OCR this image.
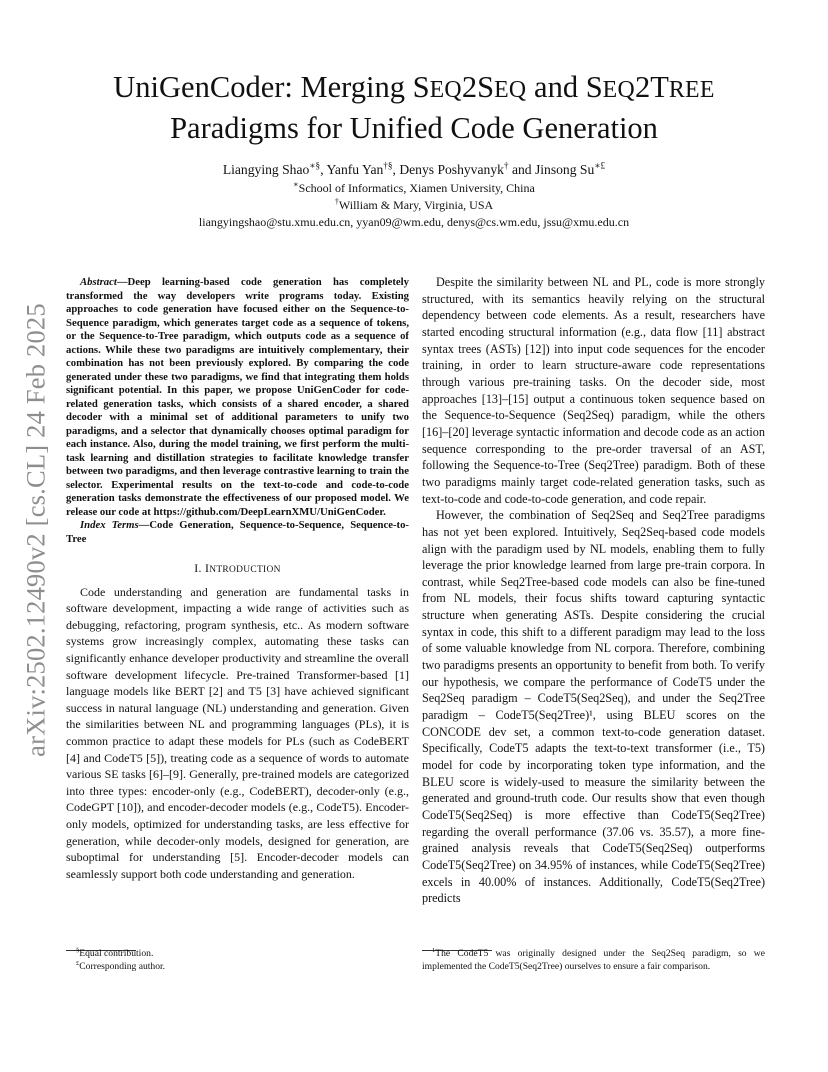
arXiv:2502.12490v2 [cs.CL] 24 Feb 2025
UniGenCoder: Merging SEQ2SEQ and SEQ2TREE
Paradigms for Unified Code Generation
Liangying Shao∗§, Yanfu Yan†§, Denys Poshyvanyk† and Jinsong Su∗£
∗School of Informatics, Xiamen University, China
†William & Mary, Virginia, USA
liangyingshao@stu.xmu.edu.cn, yyan09@wm.edu, denys@cs.wm.edu, jssu@xmu.edu.cn

Abstract—Deep learning-based code generation has completely transformed the way developers write programs today. Existing approaches to code generation have focused either on the Sequence-to-Sequence paradigm, which generates target code as a sequence of tokens, or the Sequence-to-Tree paradigm, which outputs code as a sequence of actions. While these two paradigms are intuitively complementary, their combination has not been previously explored. By comparing the code generated under these two paradigms, we find that integrating them holds significant potential. In this paper, we propose UniGenCoder for code-related generation tasks, which consists of a shared encoder, a shared decoder with a minimal set of additional parameters to unify two paradigms, and a selector that dynamically chooses optimal paradigm for each instance. Also, during the model training, we first perform the multi-task learning and distillation strategies to facilitate knowledge transfer between two paradigms, and then leverage contrastive learning to train the selector. Experimental results on the text-to-code and code-to-code generation tasks demonstrate the effectiveness of our proposed model. We release our code at https://github.com/DeepLearnXMU/UniGenCoder.

Index Terms—Code Generation, Sequence-to-Sequence, Sequence-to-Tree

I. INTRODUCTION

Code understanding and generation are fundamental tasks in software development, impacting a wide range of activities such as debugging, refactoring, program synthesis, etc.. As modern software systems grow increasingly complex, automating these tasks can significantly enhance developer productivity and streamline the overall software development lifecycle. Pre-trained Transformer-based [1] language models like BERT [2] and T5 [3] have achieved significant success in natural language (NL) understanding and generation. Given the similarities between NL and programming languages (PLs), it is common practice to adapt these models for PLs (such as CodeBERT [4] and CodeT5 [5]), treating code as a sequence of words to automate various SE tasks [6]–[9]. Generally, pre-trained models are categorized into three types: encoder-only (e.g., CodeBERT), decoder-only (e.g., CodeGPT [10]), and encoder-decoder models (e.g., CodeT5). Encoder-only models, optimized for understanding tasks, are less effective for generation, while decoder-only models, designed for generation, are suboptimal for understanding [5]. Encoder-decoder models can seamlessly support both code understanding and generation.

Despite the similarity between NL and PL, code is more strongly structured, with its semantics heavily relying on the structural dependency between code elements. As a result, researchers have started encoding structural information (e.g., data flow [11] abstract syntax trees (ASTs) [12]) into input code sequences for the encoder training, in order to learn structure-aware code representations through various pre-training tasks. On the decoder side, most approaches [13]–[15] output a continuous token sequence based on the Sequence-to-Sequence (Seq2Seq) paradigm, while the others [16]–[20] leverage syntactic information and decode code as an action sequence corresponding to the pre-order traversal of an AST, following the Sequence-to-Tree (Seq2Tree) paradigm. Both of these two paradigms mainly target code-related generation tasks, such as text-to-code and code-to-code generation, and code repair.

However, the combination of Seq2Seq and Seq2Tree paradigms has not yet been explored. Intuitively, Seq2Seq-based code models align with the paradigm used by NL models, enabling them to fully leverage the prior knowledge learned from large pre-train corpora. In contrast, while Seq2Tree-based code models can also be fine-tuned from NL models, their focus shifts toward capturing syntactic structure when generating ASTs. Despite considering the crucial syntax in code, this shift to a different paradigm may lead to the loss of some valuable knowledge from NL corpora. Therefore, combining two paradigms presents an opportunity to benefit from both. To verify our hypothesis, we compare the performance of CodeT5 under the Seq2Seq paradigm – CodeT5(Seq2Seq), and under the Seq2Tree paradigm – CodeT5(Seq2Tree)¹, using BLEU scores on the CONCODE dev set, a common text-to-code generation dataset. Specifically, CodeT5 adapts the text-to-text transformer (i.e., T5) model for code by incorporating token type information, and the BLEU score is widely-used to measure the similarity between the generated and ground-truth code. Our results show that even though CodeT5(Seq2Seq) is more effective than CodeT5(Seq2Tree) regarding the overall performance (37.06 vs. 35.57), a more fine-grained analysis reveals that CodeT5(Seq2Seq) outperforms CodeT5(Seq2Tree) on 34.95% of instances, while CodeT5(Seq2Tree) excels in 40.00% of instances. Additionally, CodeT5(Seq2Tree) predicts

§Equal contribution.

£Corresponding author.

$^1$The CodeT5 was originally designed under the Seq2Seq paradigm, so we implemented the CodeT5(Seq2Tree) ourselves to ensure a fair comparison.
